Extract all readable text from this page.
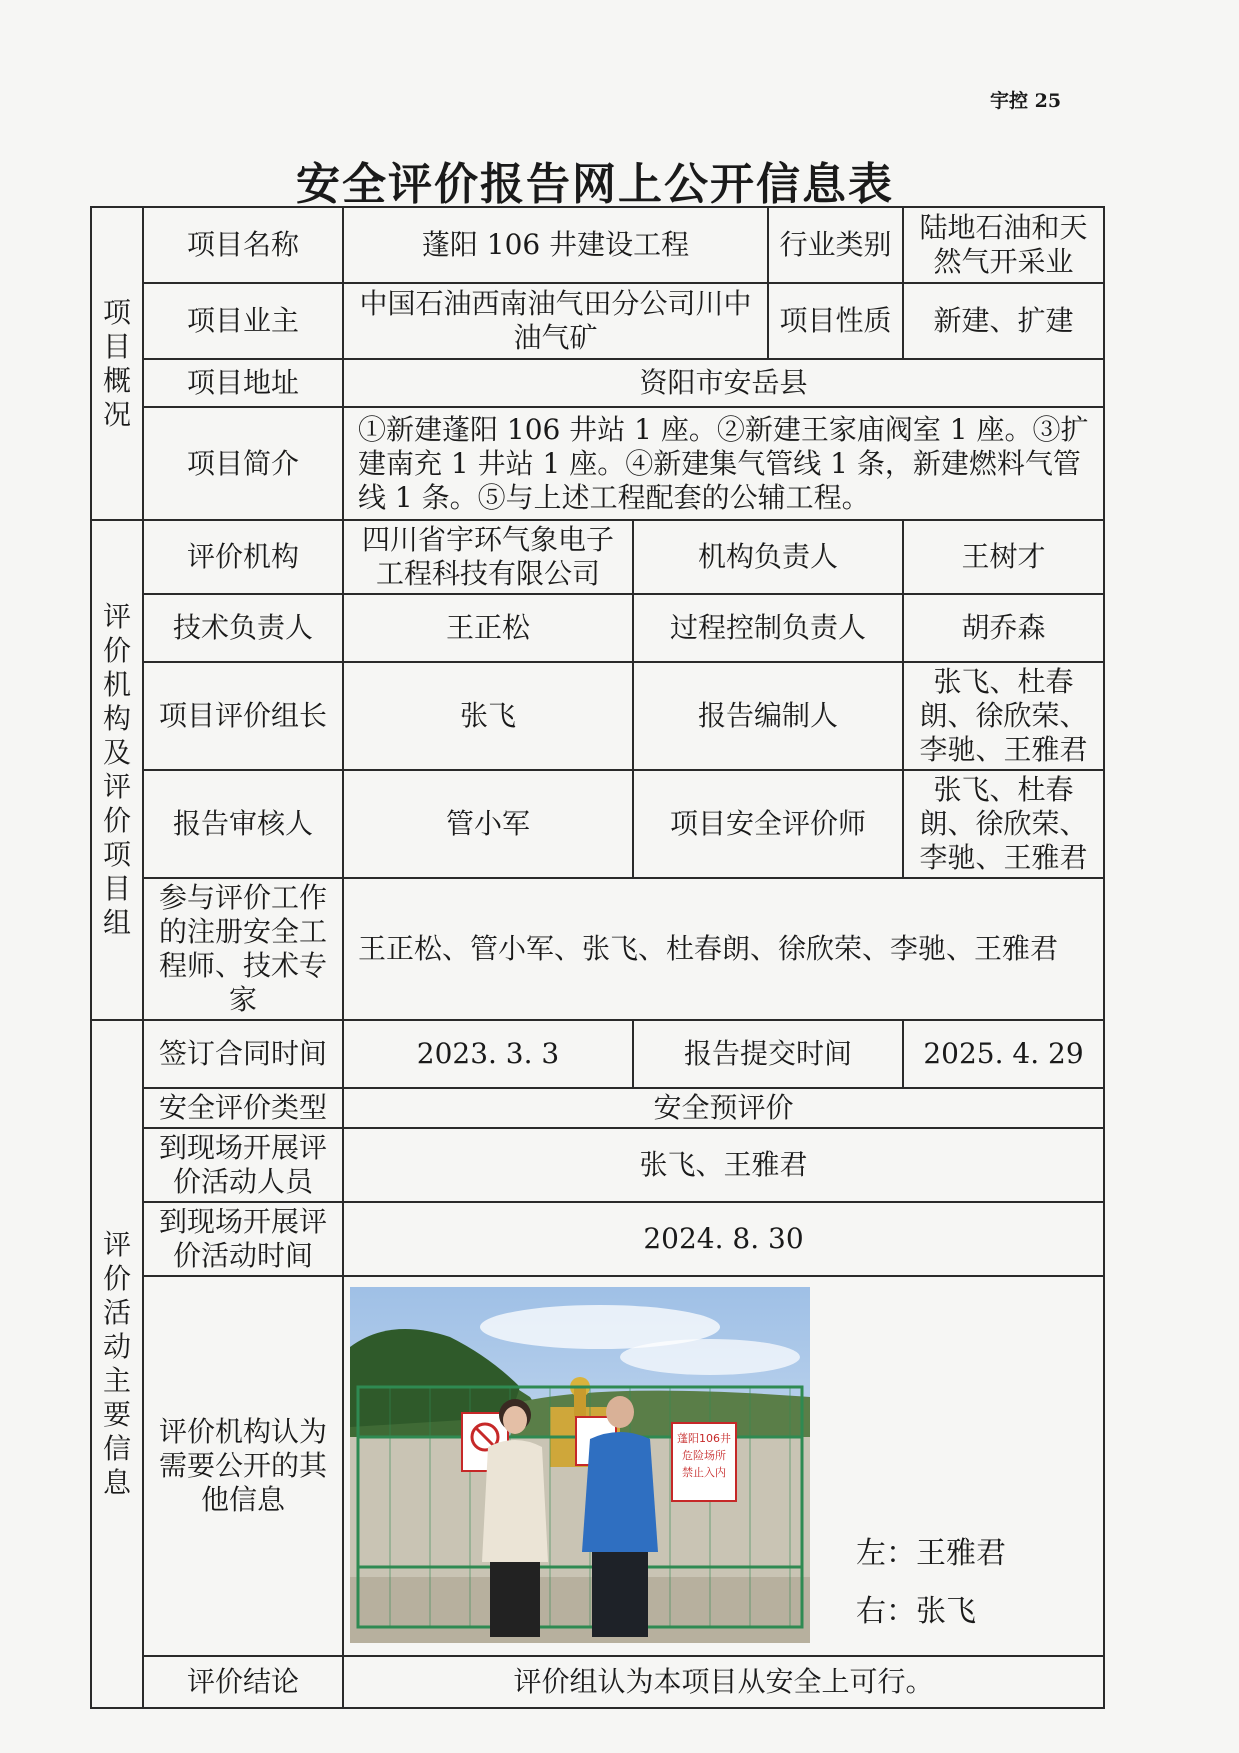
宇控 25
安全评价报告网上公开信息表
项目概况	项目名称	蓬阳 106 井建设工程		行业类别	陆地石油和天然气开采业
	项目业主	中国石油西南油气田分公司川中油气矿		项目性质	新建、扩建
	项目地址	资阳市安岳县			
	项目简介	①新建蓬阳 106 井站 1 座。②新建王家庙阀室 1 座。③扩建南充 1 井站 1 座。④新建集气管线 1 条，新建燃料气管线 1 条。⑤与上述工程配套的公辅工程。			
评价机构及评价项目组	评价机构	四川省宇环气象电子工程科技有限公司	机构负责人		王树才
	技术负责人	王正松	过程控制负责人		胡乔森
	项目评价组长	张飞	报告编制人		张飞、杜春朗、徐欣荣、李驰、王雅君
	报告审核人	管小军	项目安全评价师		张飞、杜春朗、徐欣荣、李驰、王雅君
	参与评价工作的注册安全工程师、技术专家	王正松、管小军、张飞、杜春朗、徐欣荣、李驰、王雅君			
评价活动主要信息	签订合同时间	2023. 3. 3	报告提交时间		2025. 4. 29
	安全评价类型	安全预评价			
	到现场开展评价活动人员	张飞、王雅君			
	到现场开展评价活动时间	2024. 8. 30			
	评价机构认为需要公开的其他信息	蓬阳106井
危险场所
禁止入内
左：王雅君
右：张飞			

	评价结论	评价组认为本项目从安全上可行。			
